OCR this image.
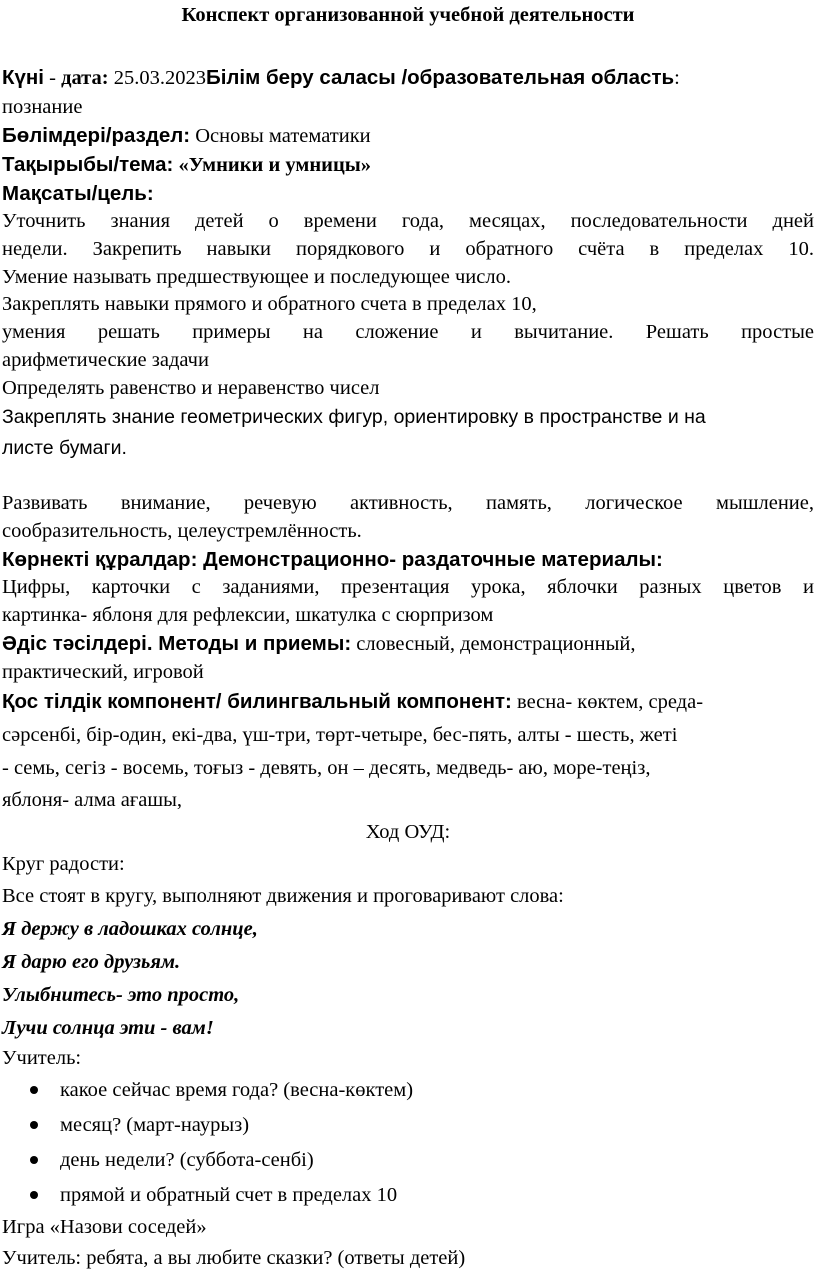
Конспект организованной учебной деятельности
Күні - дата: 25.03.2023Білім беру саласы /образовательная область:
познание
Бөлімдері/раздел: Основы математики
Тақырыбы/тема: «Умники и умницы»
Мақсаты/цель:
Уточнить знания детей о времени года, месяцах, последовательности дней
недели. Закрепить навыки порядкового и обратного счёта в пределах 10.
Умение называть предшествующее и последующее число.
Закреплять навыки прямого и обратного счета в пределах 10,
умения решать примеры на сложение и вычитание. Решать простые
арифметические задачи
Определять равенство и неравенство чисел
Закреплять знание геометрических фигур, ориентировку в пространстве и на
листе бумаги.
Развивать внимание, речевую активность, память, логическое мышление,
сообразительность, целеустремлённость.
Көрнекті құралдар: Демонстрационно- раздаточные материалы:
Цифры, карточки с заданиями, презентация урока, яблочки разных цветов и
картинка- яблоня для рефлексии, шкатулка с сюрпризом
Әдіс тәсілдері. Методы и приемы: словесный, демонстрационный,
практический, игровой
Қос тілдік компонент/ билингвальный компонент: весна- көктем, среда-
сәрсенбі, бір-один, екі-два, үш-три, төрт-четыре, бес-пять, алты - шесть, жеті
- семь, сегіз - восемь, тоғыз - девять, он – десять, медведь- аю, море-теңіз,
яблоня- алма ағашы,
Ход ОУД:
Круг радости:
Все стоят в кругу, выполняют движения и проговаривают слова:
Я держу в ладошках солнце,
Я дарю его друзьям.
Улыбнитесь- это просто,
Лучи солнца эти - вам!
Учитель:
какое сейчас время года? (весна-көктем)
месяц? (март-наурыз)
день недели? (суббота-сенбі)
прямой и обратный счет в пределах 10
Игра «Назови соседей»
Учитель: ребята, а вы любите сказки? (ответы детей)
